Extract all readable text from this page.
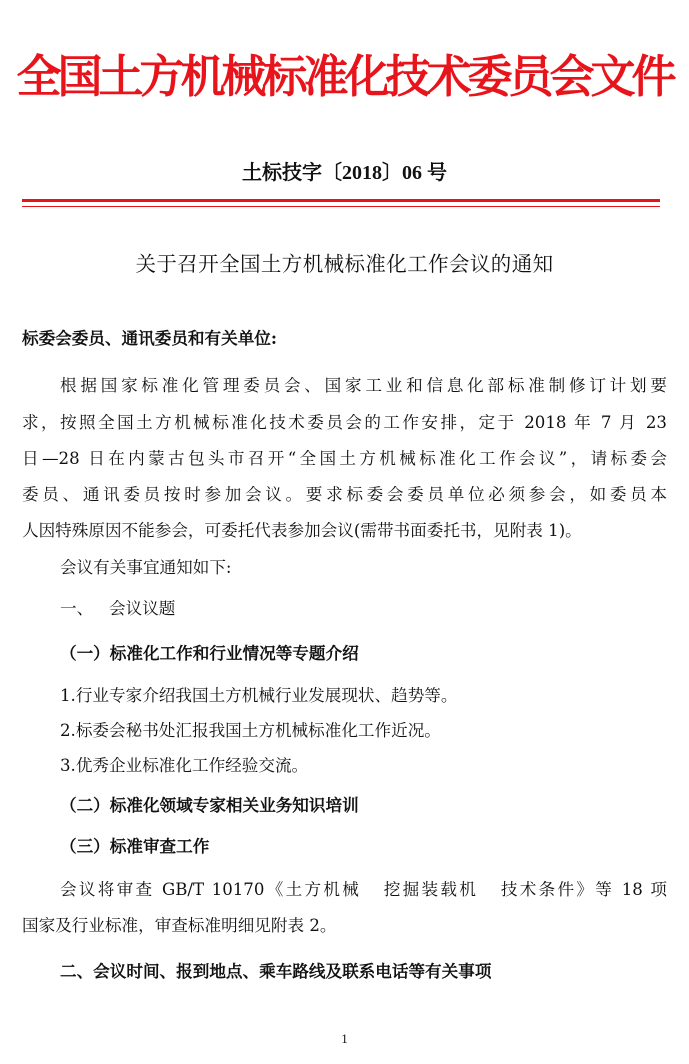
全国土方机械标准化技术委员会文件
土标技字〔2018〕06 号
关于召开全国土方机械标准化工作会议的通知
标委会委员、通讯委员和有关单位:
根据国家标准化管理委员会、国家工业和信息化部标准制修订计划要
求，按照全国土方机械标准化技术委员会的工作安排，定于 2018 年 7 月 23
日—28 日在内蒙古包头市召开“全国土方机械标准化工作会议”，请标委会
委员、通讯委员按时参加会议。要求标委会委员单位必须参会，如委员本
人因特殊原因不能参会，可委托代表参加会议(需带书面委托书，见附表 1)。
会议有关事宜通知如下:
一、   会议议题
（一）标准化工作和行业情况等专题介绍
1.行业专家介绍我国土方机械行业发展现状、趋势等。
2.标委会秘书处汇报我国土方机械标准化工作近况。
3.优秀企业标准化工作经验交流。
（二）标准化领域专家相关业务知识培训
（三）标准审查工作
会议将审查 GB/T 10170《土方机械   挖掘装载机   技术条件》等 18 项
国家及行业标准，审查标准明细见附表 2。
二、会议时间、报到地点、乘车路线及联系电话等有关事项
1
